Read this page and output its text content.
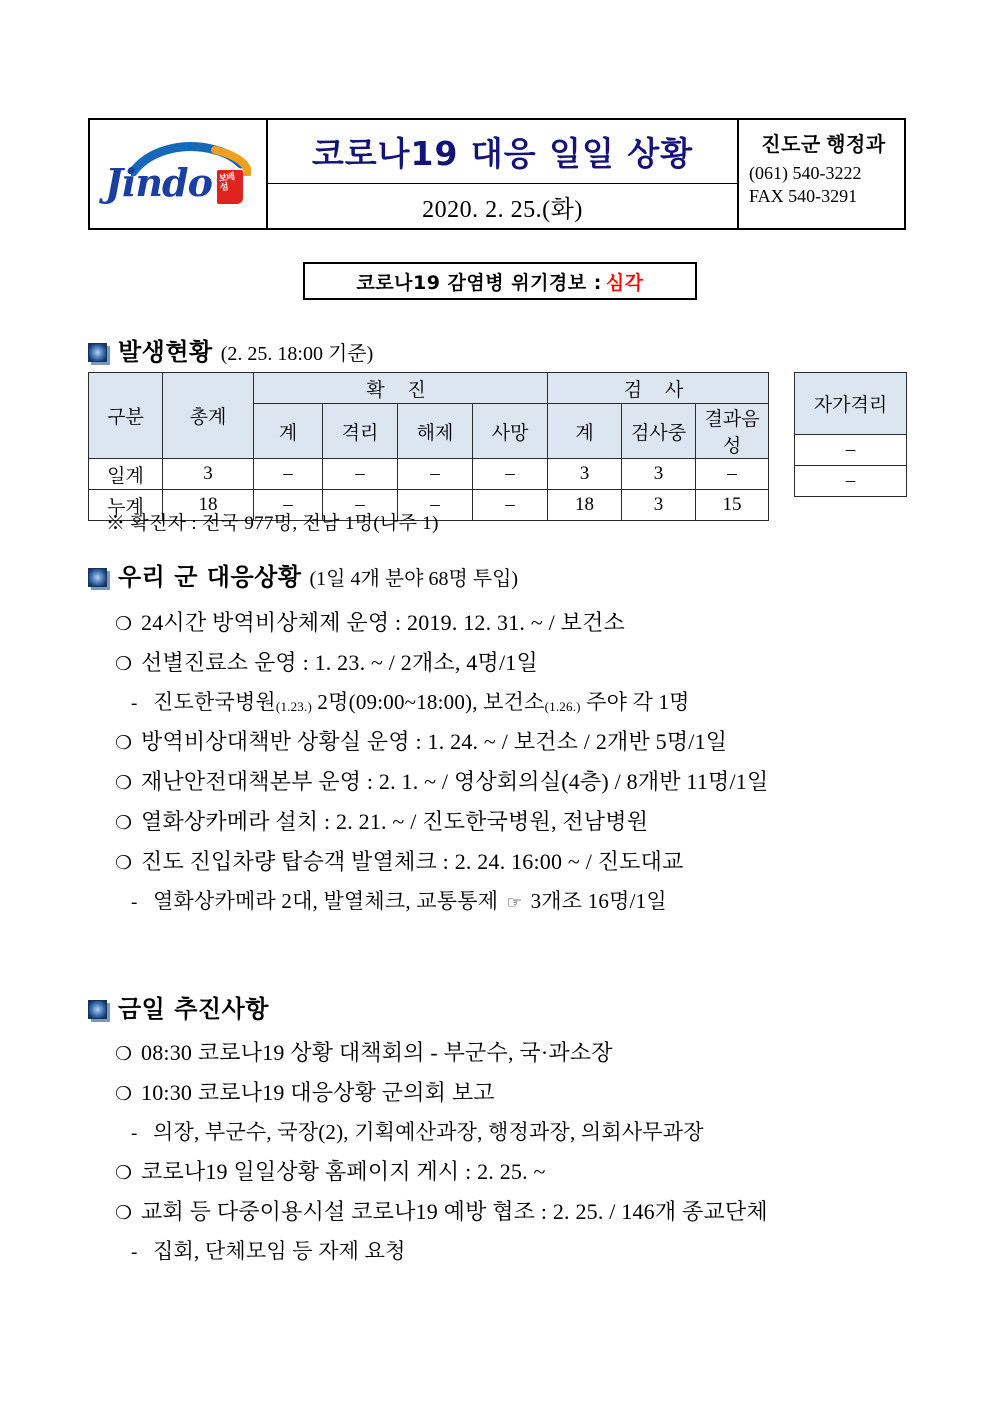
Jindo 보배섬
코로나19 대응 일일 상황
2020. 2. 25.(화)
진도군 행정과
(061) 540-3222
FAX 540-3291
코로나19 감염병 위기경보 : 심각
발생현황 (2. 25. 18:00 기준)
구분	총계	확 진				검 사		
		계	격리	해제	사망	계	검사중	결과음성
일계	3	–	–	–	–	3	3	–
누계	18	–	–	–	–	18	3	15
자가격리
–
–
※ 확진자 : 전국 977명, 전남 1명(나주 1)
우리 군 대응상황 (1일 4개 분야 68명 투입)
❍ 24시간 방역비상체제 운영 : 2019. 12. 31. ~ / 보건소
❍ 선별진료소 운영 : 1. 23. ~ / 2개소, 4명/1일
- 진도한국병원(1.23.) 2명(09:00~18:00), 보건소(1.26.) 주야 각 1명
❍ 방역비상대책반 상황실 운영 : 1. 24. ~ / 보건소 / 2개반 5명/1일
❍ 재난안전대책본부 운영 : 2. 1. ~ / 영상회의실(4층) / 8개반 11명/1일
❍ 열화상카메라 설치 : 2. 21. ~ / 진도한국병원, 전남병원
❍ 진도 진입차량 탑승객 발열체크 : 2. 24. 16:00 ~ / 진도대교
- 열화상카메라 2대, 발열체크, 교통통제 ☞ 3개조 16명/1일
금일 추진사항
❍ 08:30 코로나19 상황 대책회의 - 부군수, 국·과소장
❍ 10:30 코로나19 대응상황 군의회 보고
- 의장, 부군수, 국장(2), 기획예산과장, 행정과장, 의회사무과장
❍ 코로나19 일일상황 홈페이지 게시 : 2. 25. ~
❍ 교회 등 다중이용시설 코로나19 예방 협조 : 2. 25. / 146개 종교단체
- 집회, 단체모임 등 자제 요청
